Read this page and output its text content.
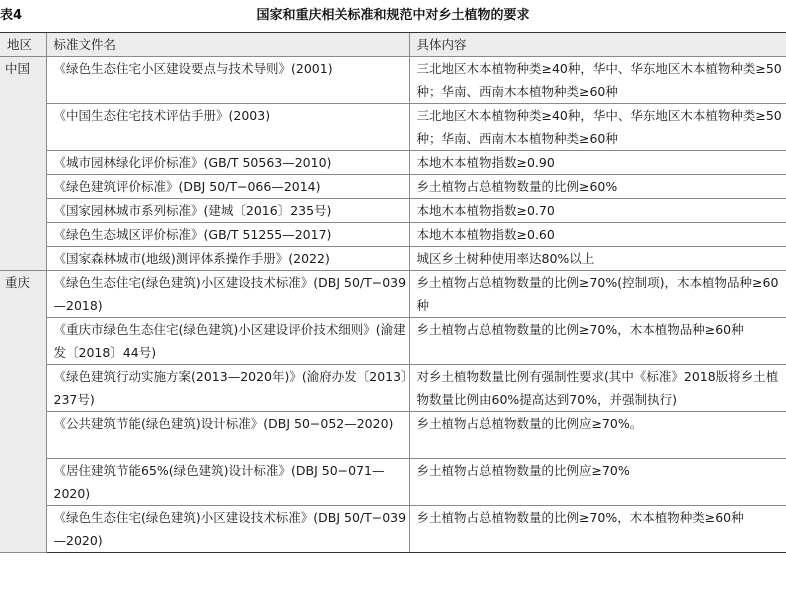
表4	国家和重庆相关标准和规范中对乡土植物的要求
地区	标准文件名	具体内容
中国	《绿色生态住宅小区建设要点与技术导则》(2001)	三北地区木本植物种类≥40种，华中、华东地区木本植物种类≥50种；华南、西南木本植物种类≥60种
	《中国生态住宅技术评估手册》(2003)	三北地区木本植物种类≥40种，华中、华东地区木本植物种类≥50种；华南、西南木本植物种类≥60种
	《城市园林绿化评价标准》(GB/T 50563—2010)	本地木本植物指数≥0.90
	《绿色建筑评价标准》(DBJ 50/T−066—2014)	乡土植物占总植物数量的比例≥60%
	《国家园林城市系列标准》(建城〔2016〕235号)	本地木本植物指数≥0.70
	《绿色生态城区评价标准》(GB/T 51255—2017)	本地木本植物指数≥0.60
	《国家森林城市(地级)测评体系操作手册》(2022)	城区乡土树种使用率达80%以上
重庆	《绿色生态住宅(绿色建筑)小区建设技术标准》(DBJ 50/T−039—2018)	乡土植物占总植物数量的比例≥70%(控制项)，木本植物品种≥60种
	《重庆市绿色生态住宅(绿色建筑)小区建设评价技术细则》(渝建发〔2018〕44号)	乡土植物占总植物数量的比例≥70%，木本植物品种≥60种
	《绿色建筑行动实施方案(2013—2020年)》(渝府办发〔2013〕237号)	对乡土植物数量比例有强制性要求(其中《标准》2018版将乡土植物数量比例由60%提高达到70%，并强制执行)
	《公共建筑节能(绿色建筑)设计标准》(DBJ 50−052—2020)	乡土植物占总植物数量的比例应≥70%。
	《居住建筑节能65%(绿色建筑)设计标准》(DBJ 50−071—2020)	乡土植物占总植物数量的比例应≥70%
	《绿色生态住宅(绿色建筑)小区建设技术标准》(DBJ 50/T−039—2020)	乡土植物占总植物数量的比例≥70%，木本植物种类≥60种
